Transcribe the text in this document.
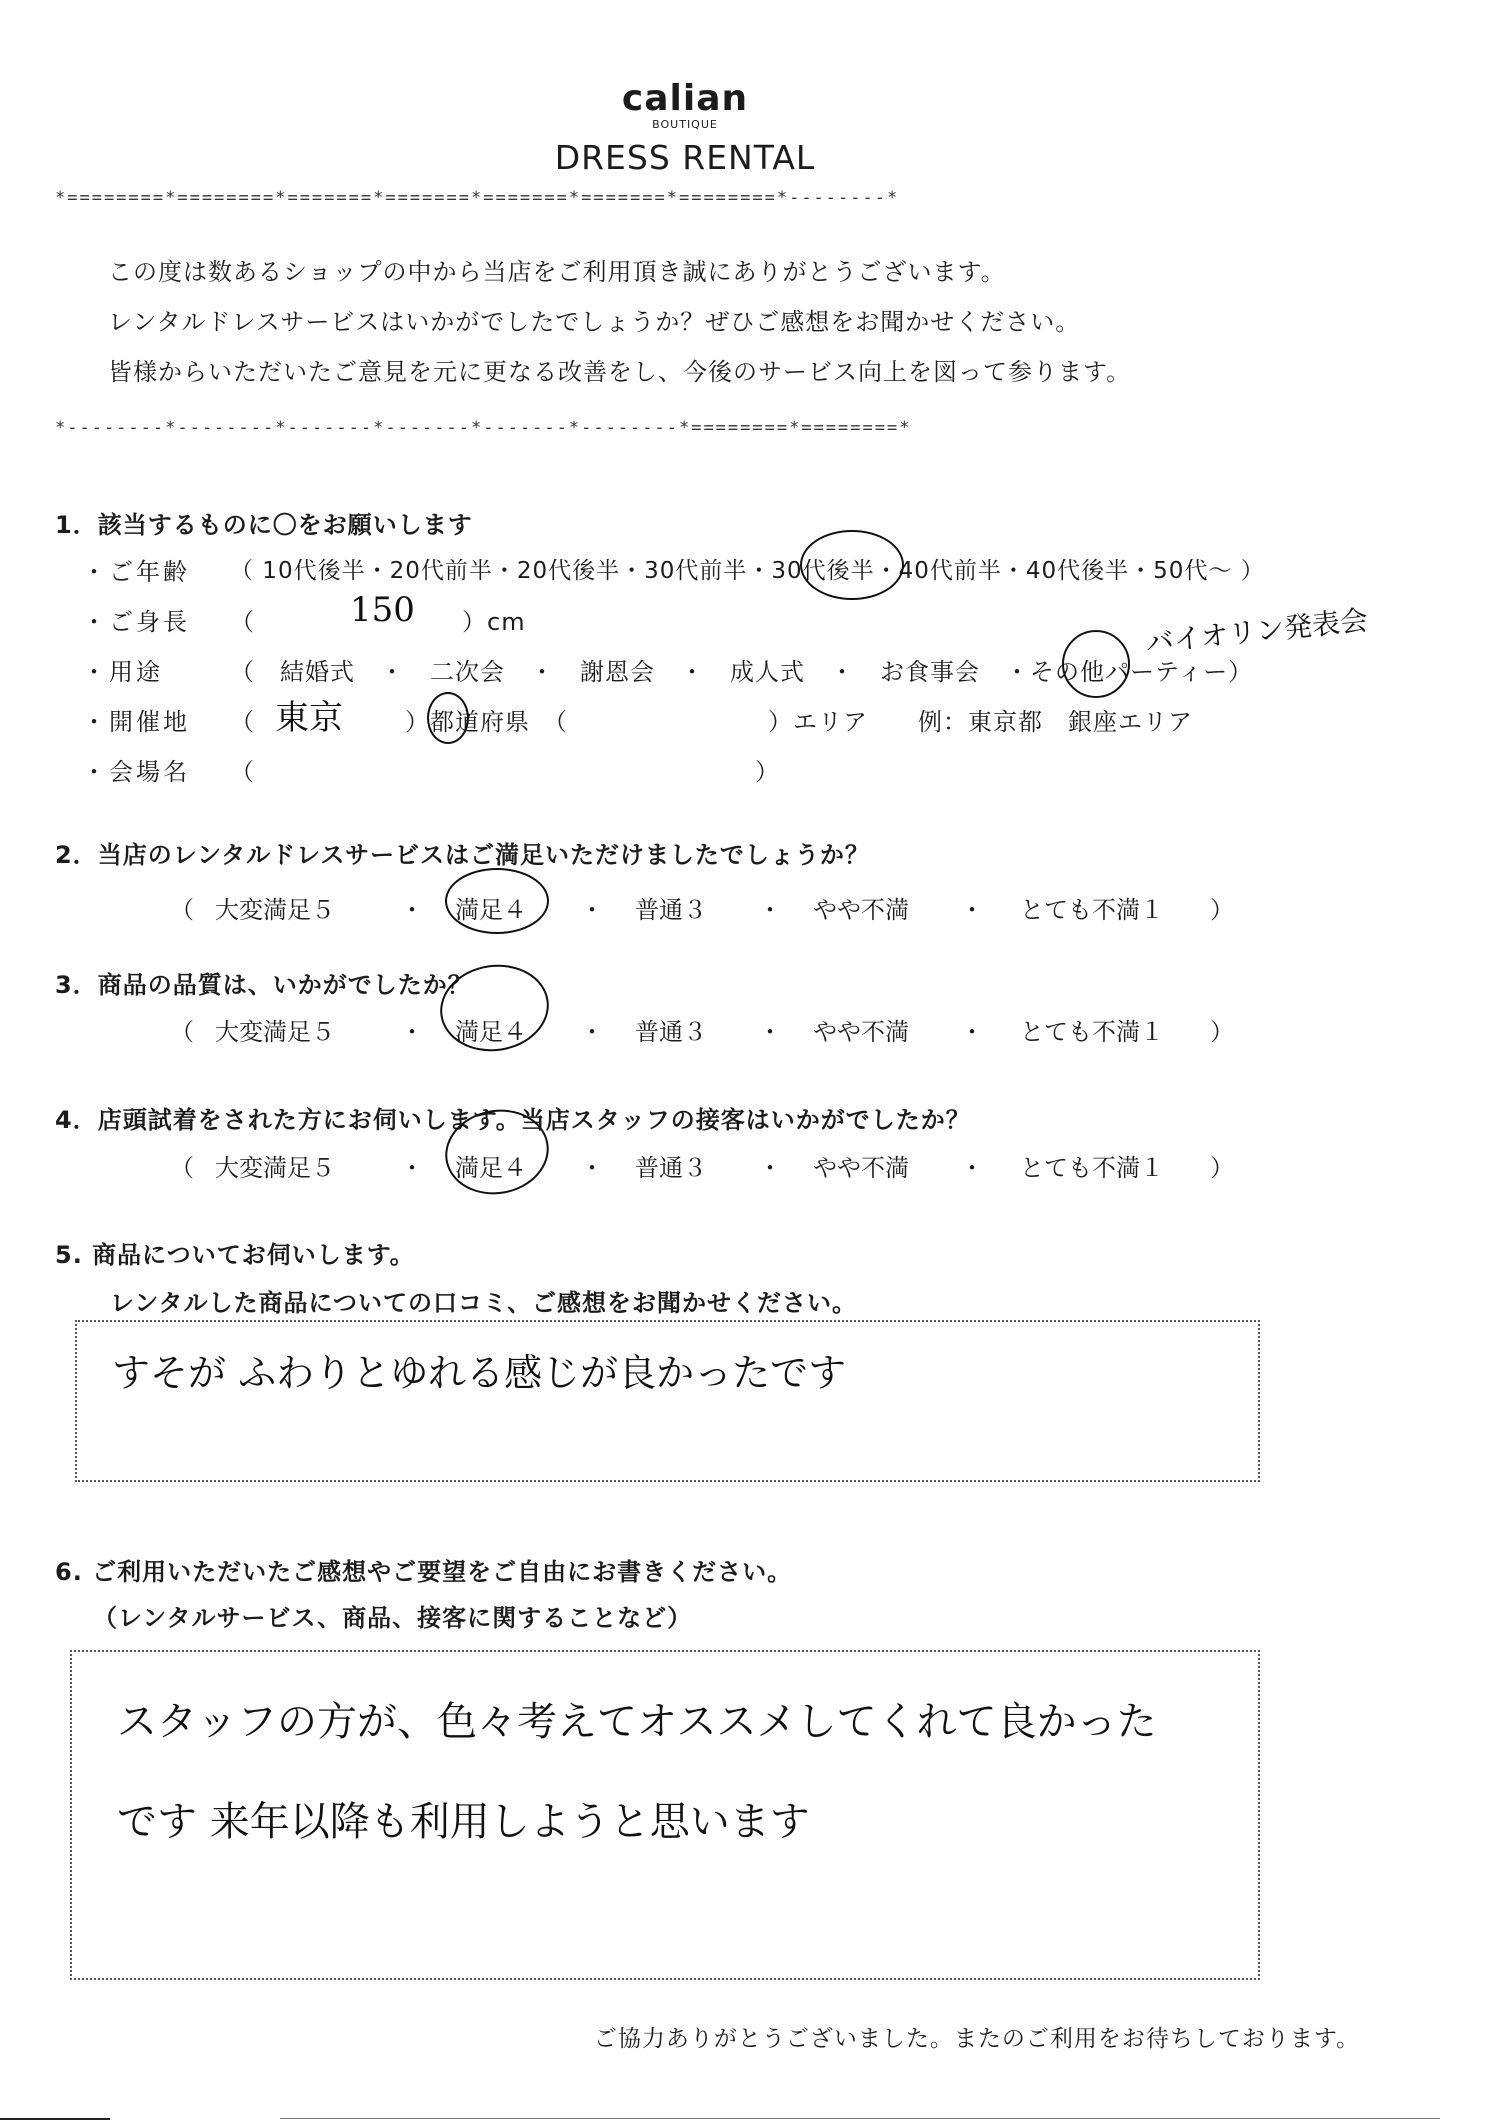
calian
BOUTIQUE
DRESS RENTAL
*========*========*=======*=======*=======*=======*========*--------*
この度は数あるショップの中から当店をご利用頂き誠にありがとうございます。
レンタルドレスサービスはいかがでしたでしょうか？ぜひご感想をお聞かせください。
皆様からいただいたご意見を元に更なる改善をし、今後のサービス向上を図って参ります。
*--------*--------*-------*-------*-------*--------*========*========*
1．該当するものに〇をお願いします
・ご年齢 （ 10代後半・20代前半・20代後半・30代前半・30代後半・40代前半・40代後半・50代〜 ）
・ご身長 （	150 ）cm
・用途	（　結婚式　・　二次会　・　謝恩会　・　成人式　・　お食事会　・その他パーティー）
バイオリン発表会
・開催地 （ 東京	）都道府県　（　　　　　　　　）エリア　　例：東京都　銀座エリア
・会場名 （　　　　　　　　　　　　　　　　　　　　）
2．当店のレンタルドレスサービスはご満足いただけましたでしょうか？
（ 大変満足５	・ 満足４ ・ 普通３ ・ やや不満 ・ とても不満１ ）
3．商品の品質は、いかがでしたか？
（ 大変満足５	・ 満足４ ・ 普通３ ・ やや不満 ・ とても不満１ ）
4．店頭試着をされた方にお伺いします。当店スタッフの接客はいかがでしたか？
（ 大変満足５	・ 満足４ ・ 普通３ ・ やや不満 ・ とても不満１ ）
5. 商品についてお伺いします。
レンタルした商品についての口コミ、ご感想をお聞かせください。
すそが ふわりとゆれる感じが良かったです
6. ご利用いただいたご感想やご要望をご自由にお書きください。
（レンタルサービス、商品、接客に関することなど）
スタッフの方が、色々考えてオススメしてくれて良かった
です 来年以降も利用しようと思います
ご協力ありがとうございました。またのご利用をお待ちしております。
